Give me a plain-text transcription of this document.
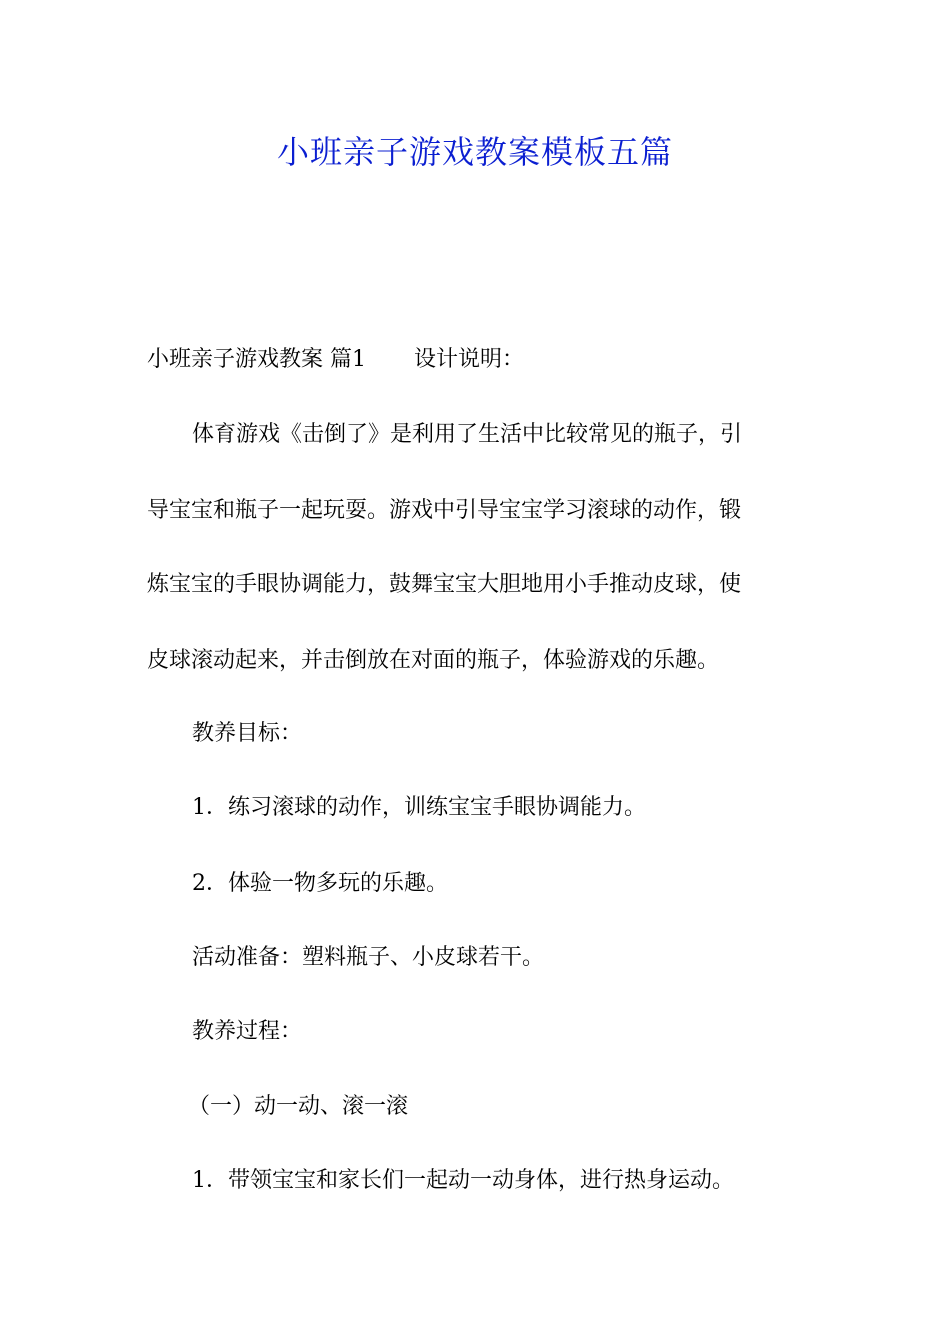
小班亲子游戏教案模板五篇
小班亲子游戏教案 篇1 设计说明：
体育游戏《击倒了》是利用了生活中比较常见的瓶子，引
导宝宝和瓶子一起玩耍。游戏中引导宝宝学习滚球的动作，锻
炼宝宝的手眼协调能力，鼓舞宝宝大胆地用小手推动皮球，使
皮球滚动起来，并击倒放在对面的瓶子，体验游戏的乐趣。
教养目标：
1．练习滚球的动作，训练宝宝手眼协调能力。
2．体验一物多玩的乐趣。
活动准备：塑料瓶子、小皮球若干。
教养过程：
（一）动一动、滚一滚
1．带领宝宝和家长们一起动一动身体，进行热身运动。
